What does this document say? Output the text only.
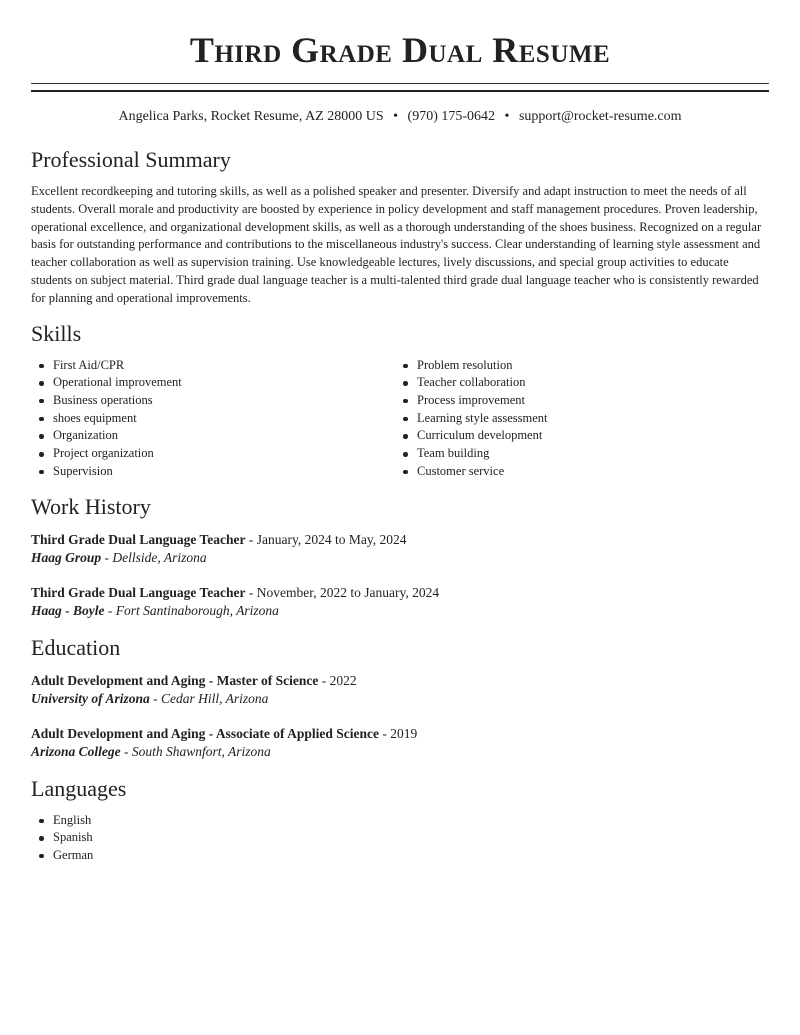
Third Grade Dual Resume
Angelica Parks, Rocket Resume, AZ 28000 US • (970) 175-0642 • support@rocket-resume.com
Professional Summary
Excellent recordkeeping and tutoring skills, as well as a polished speaker and presenter. Diversify and adapt instruction to meet the needs of all students. Overall morale and productivity are boosted by experience in policy development and staff management procedures. Proven leadership, operational excellence, and organizational development skills, as well as a thorough understanding of the shoes business. Recognized on a regular basis for outstanding performance and contributions to the miscellaneous industry's success. Clear understanding of learning style assessment and teacher collaboration as well as supervision training. Use knowledgeable lectures, lively discussions, and special group activities to educate students on subject material. Third grade dual language teacher is a multi-talented third grade dual language teacher who is consistently rewarded for planning and operational improvements.
Skills
First Aid/CPR
Operational improvement
Business operations
shoes equipment
Organization
Project organization
Supervision
Problem resolution
Teacher collaboration
Process improvement
Learning style assessment
Curriculum development
Team building
Customer service
Work History
Third Grade Dual Language Teacher - January, 2024 to May, 2024
Haag Group - Dellside, Arizona
Third Grade Dual Language Teacher - November, 2022 to January, 2024
Haag - Boyle - Fort Santinaborough, Arizona
Education
Adult Development and Aging - Master of Science - 2022
University of Arizona - Cedar Hill, Arizona
Adult Development and Aging - Associate of Applied Science - 2019
Arizona College - South Shawnfort, Arizona
Languages
English
Spanish
German
